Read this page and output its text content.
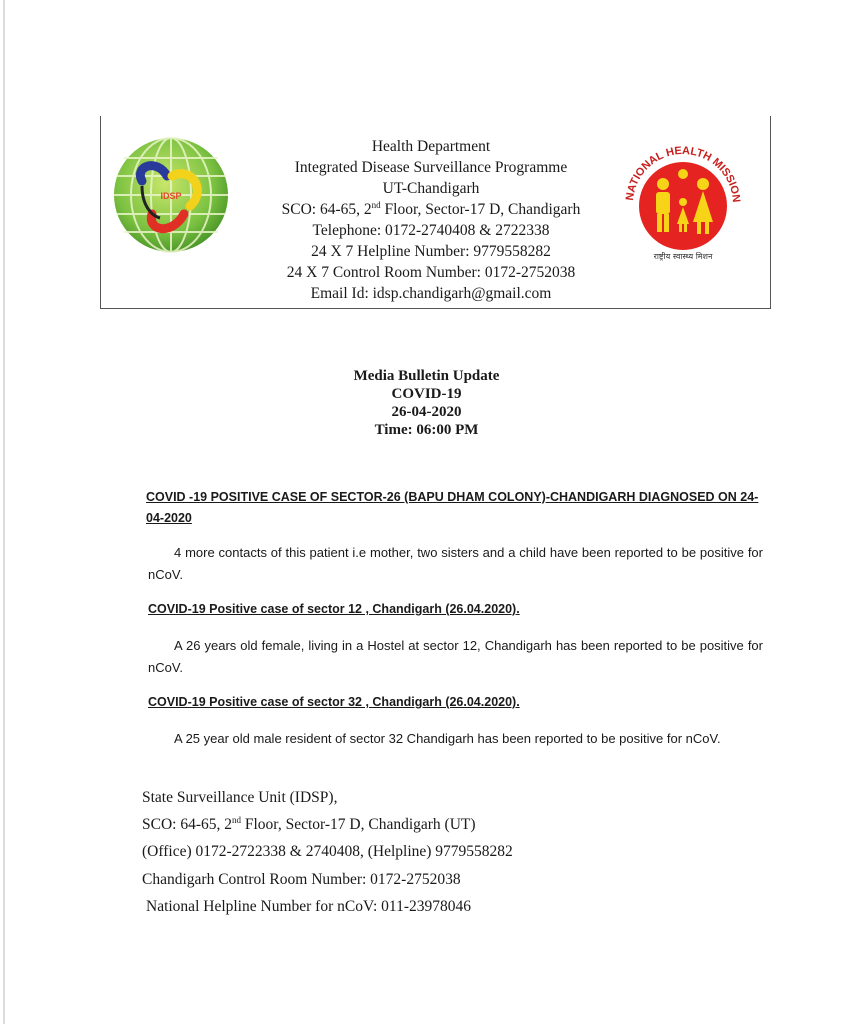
IDSP
Health Department
Integrated Disease Surveillance Programme
UT-Chandigarh
SCO: 64-65, 2nd Floor, Sector-17 D, Chandigarh
Telephone: 0172-2740408 & 2722338
24 X 7 Helpline Number: 9779558282
24 X 7 Control Room Number: 0172-2752038
Email Id: idsp.chandigarh@gmail.com
NATIONAL HEALTH MISSION
राष्ट्रीय स्वास्थ्य मिशन
Media Bulletin Update
COVID-19
26-04-2020
Time: 06:00 PM
COVID -19 POSITIVE CASE OF SECTOR-26 (BAPU DHAM COLONY)-CHANDIGARH DIAGNOSED ON 24-04-2020
4 more contacts of this patient i.e mother, two sisters and a child have been reported to be positive for nCoV.
COVID-19 Positive case of sector 12 , Chandigarh (26.04.2020).
A 26 years old female, living in a Hostel at sector 12, Chandigarh has been reported to be positive for nCoV.
COVID-19 Positive case of sector 32 , Chandigarh (26.04.2020).
A 25 year old male resident of sector 32 Chandigarh has been reported to be positive for nCoV.
State Surveillance Unit (IDSP),
SCO: 64-65, 2nd Floor, Sector-17 D, Chandigarh (UT)
(Office) 0172-2722338 & 2740408, (Helpline) 9779558282
Chandigarh Control Room Number: 0172-2752038
National Helpline Number for nCoV: 011-23978046
